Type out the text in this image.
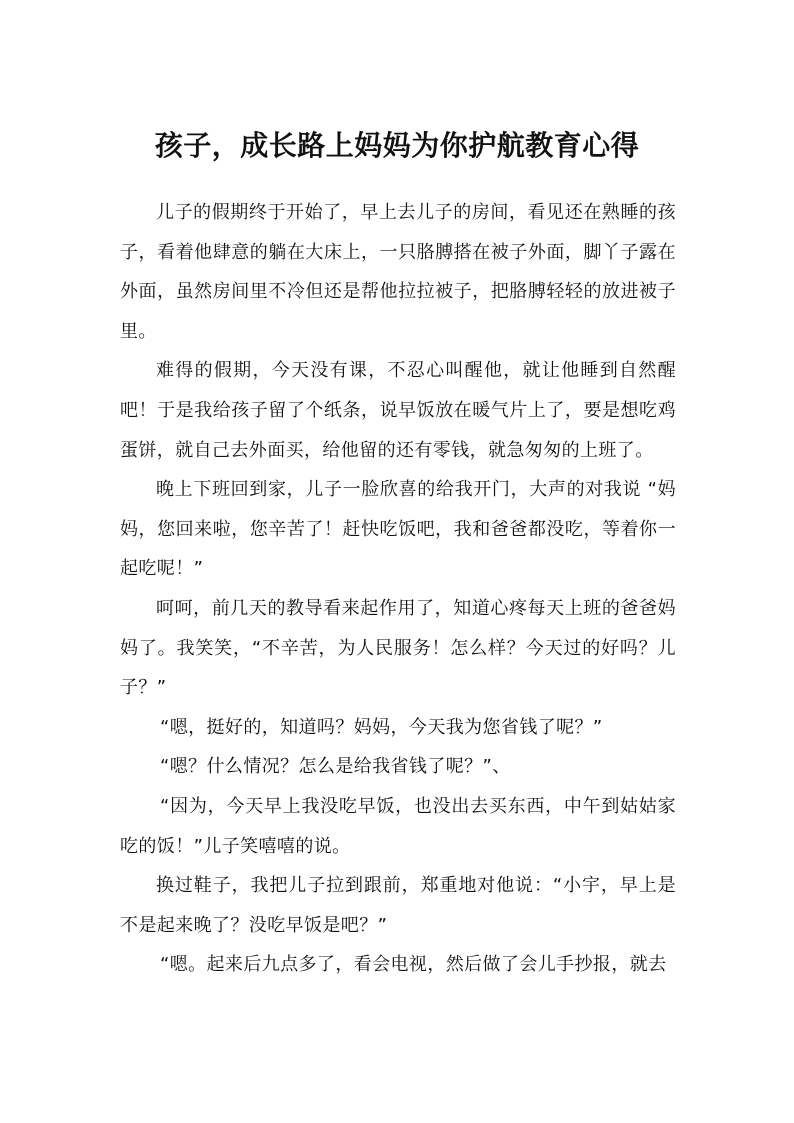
孩子，成长路上妈妈为你护航教育心得

儿子的假期终于开始了，早上去儿子的房间，看见还在熟睡的孩子，看着他肆意的躺在大床上，一只胳膊搭在被子外面，脚丫子露在外面，虽然房间里不冷但还是帮他拉拉被子，把胳膊轻轻的放进被子里。

难得的假期，今天没有课，不忍心叫醒他，就让他睡到自然醒吧！于是我给孩子留了个纸条，说早饭放在暖气片上了，要是想吃鸡蛋饼，就自己去外面买，给他留的还有零钱，就急匆匆的上班了。

晚上下班回到家，儿子一脸欣喜的给我开门，大声的对我说 “妈妈，您回来啦，您辛苦了！赶快吃饭吧，我和爸爸都没吃，等着你一起吃呢！”

呵呵，前几天的教导看来起作用了，知道心疼每天上班的爸爸妈妈了。我笑笑，“不辛苦，为人民服务！怎么样？今天过的好吗？儿子？”

“嗯，挺好的，知道吗？妈妈，今天我为您省钱了呢？”

“嗯？什么情况？怎么是给我省钱了呢？”、

“因为，今天早上我没吃早饭，也没出去买东西，中午到姑姑家吃的饭！”儿子笑嘻嘻的说。

换过鞋子，我把儿子拉到跟前，郑重地对他说：“小宇，早上是不是起来晚了？没吃早饭是吧？”

“嗯。起来后九点多了，看会电视，然后做了会儿手抄报，就去
